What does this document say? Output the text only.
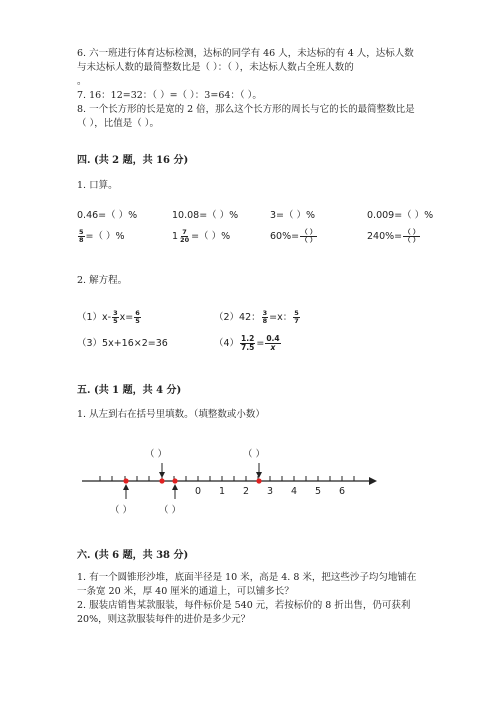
6. 六一班进行体育达标检测，达标的同学有 46 人，未达标的有 4 人，达标人数
与未达标人数的最简整数比是（ ）：（ ），未达标人数占全班人数的
。
7. 16：12=32：（ ）=（ ）：3=64：（ ）。
8. 一个长方形的长是宽的 2 倍，那么这个长方形的周长与它的长的最简整数比是
（ ），比值是（ ）。
四. (共 2 题，共 16 分)
1. 口算。
0.46=（ ）%	10.08=（ ）%	3=（ ）%	0.009=（ ）%
$\frac{5}{8}$ =（ ）%	$1 \frac{7}{20}$ =（ ）%	$60\%= \frac{( )}{( )}$	$240\%= \frac{( )}{( )}$
2. 解方程。
$(1)x- \frac{3}{5} x= \frac{6}{5}$	（2）42： $\frac{3}{8} =x$： $\frac{5}{7}$
（3）5x+16×2=36	$(4) \frac{1.2}{7.5} = \frac{0.4}{x}$
五. (共 1 题，共 4 分)
1. 从左到右在括号里填数。（填整数或小数）
（ ）	（ ）
（ ）	（ ）
0 1 2 3 4 5 6
六. (共 6 题，共 38 分)
1. 有一个圆锥形沙堆，底面半径是 10 米，高是 4. 8 米，把这些沙子均匀地铺在
一条宽 20 米，厚 40 厘米的通道上，可以铺多长？
2. 服装店销售某款服装，每件标价是 540 元，若按标价的 8 折出售，仍可获利
20%，则这款服装每件的进价是多少元？
